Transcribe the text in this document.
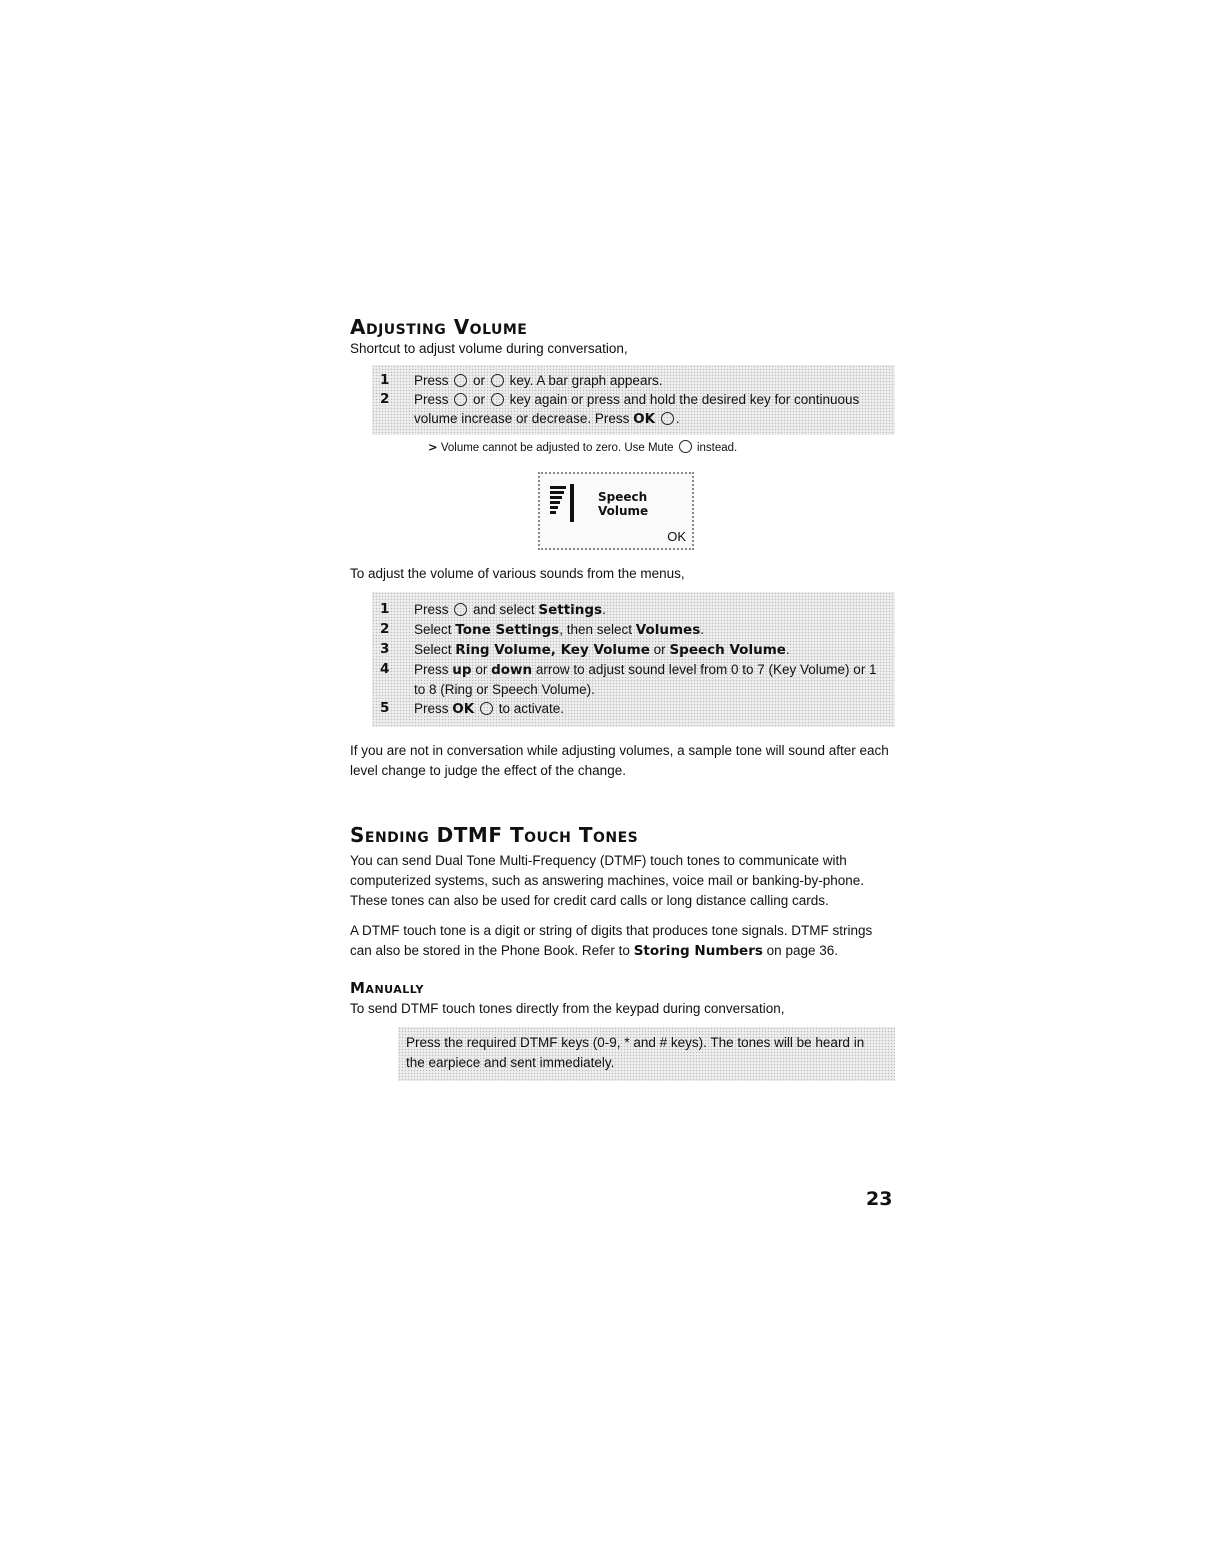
Adjusting Volume

Shortcut to adjust volume during conversation,

1	Press or key. A bar graph appears.
2	Press or key again or press and hold the desired key for continuous volume increase or decrease. Press OK .

> Volume cannot be adjusted to zero. Use Mute instead.

Speech
Volume
OK

To adjust the volume of various sounds from the menus,

1	Press and select Settings.
2	Select Tone Settings, then select Volumes.
3	Select Ring Volume, Key Volume or Speech Volume.
4	Press up or down arrow to adjust sound level from 0 to 7 (Key Volume) or 1 to 8 (Ring or Speech Volume).
5	Press OK to activate.

If you are not in conversation while adjusting volumes, a sample tone will sound after each level change to judge the effect of the change.

Sending DTMF Touch Tones

You can send Dual Tone Multi-Frequency (DTMF) touch tones to communicate with computerized systems, such as answering machines, voice mail or banking-by-phone. These tones can also be used for credit card calls or long distance calling cards.

A DTMF touch tone is a digit or string of digits that produces tone signals. DTMF strings can also be stored in the Phone Book. Refer to Storing Numbers on page 36.

Manually

To send DTMF touch tones directly from the keypad during conversation,

Press the required DTMF keys (0-9, * and # keys). The tones will be heard in the earpiece and sent immediately.

23
